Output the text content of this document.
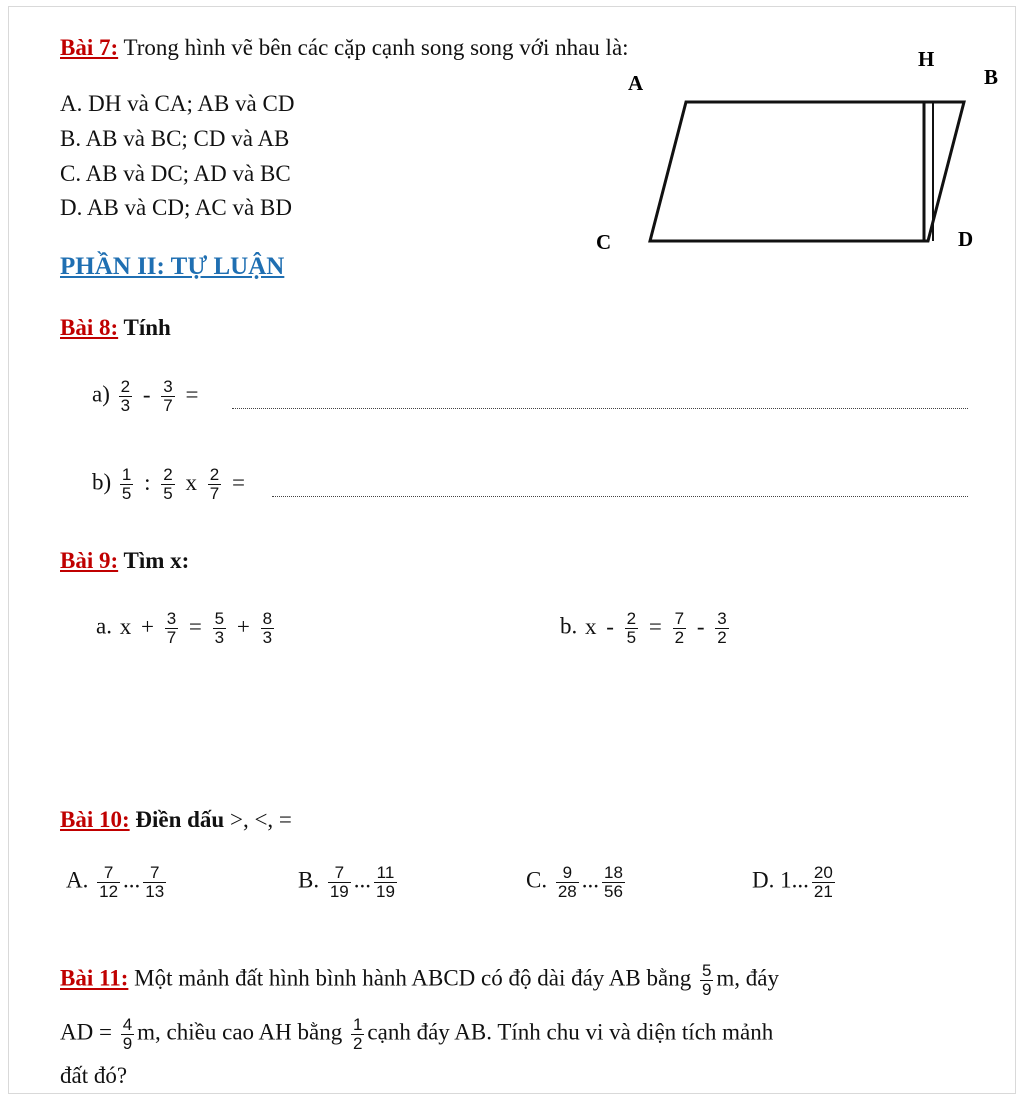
Bài 7: Trong hình vẽ bên các cặp cạnh song song với nhau là:
A. DH và CA; AB và CD
B. AB và BC; CD và AB
C. AB và DC; AD và BC
D. AB và CD; AC và BD
H
A	B
C	D
PHẦN II: TỰ LUẬN
Bài 8: Tính
$a) \frac{2}{3} - \frac{3}{7}$ =
$b) \frac{1}{5}$ : $\frac{2}{5}$ x $\frac{2}{7}$ =
Bài 9: Tìm x:
a. $x + \frac{3}{7} = \frac{5}{3} + \frac{8}{3}$	b. $x - \frac{2}{5} = \frac{7}{2} - \frac{3}{2}$
Bài 10: Điền dấu >, <, =
A. $\frac{7}{12}$ ... $\frac{7}{13}$	B. $\frac{7}{19}$ ... $\frac{11}{19}$	C. $\frac{9}{28}$ ... $\frac{18}{56}$	D. 1... $\frac{20}{21}$
Bài 11: Một mảnh đất hình bình hành ABCD có độ dài đáy AB bằng $\frac{5}{9} m$, đáy
AD = $\frac{4}{9} m$, chiều cao AH bằng $\frac{1}{2}$ cạnh đáy AB. Tính chu vi và diện tích mảnh
đất đó?
